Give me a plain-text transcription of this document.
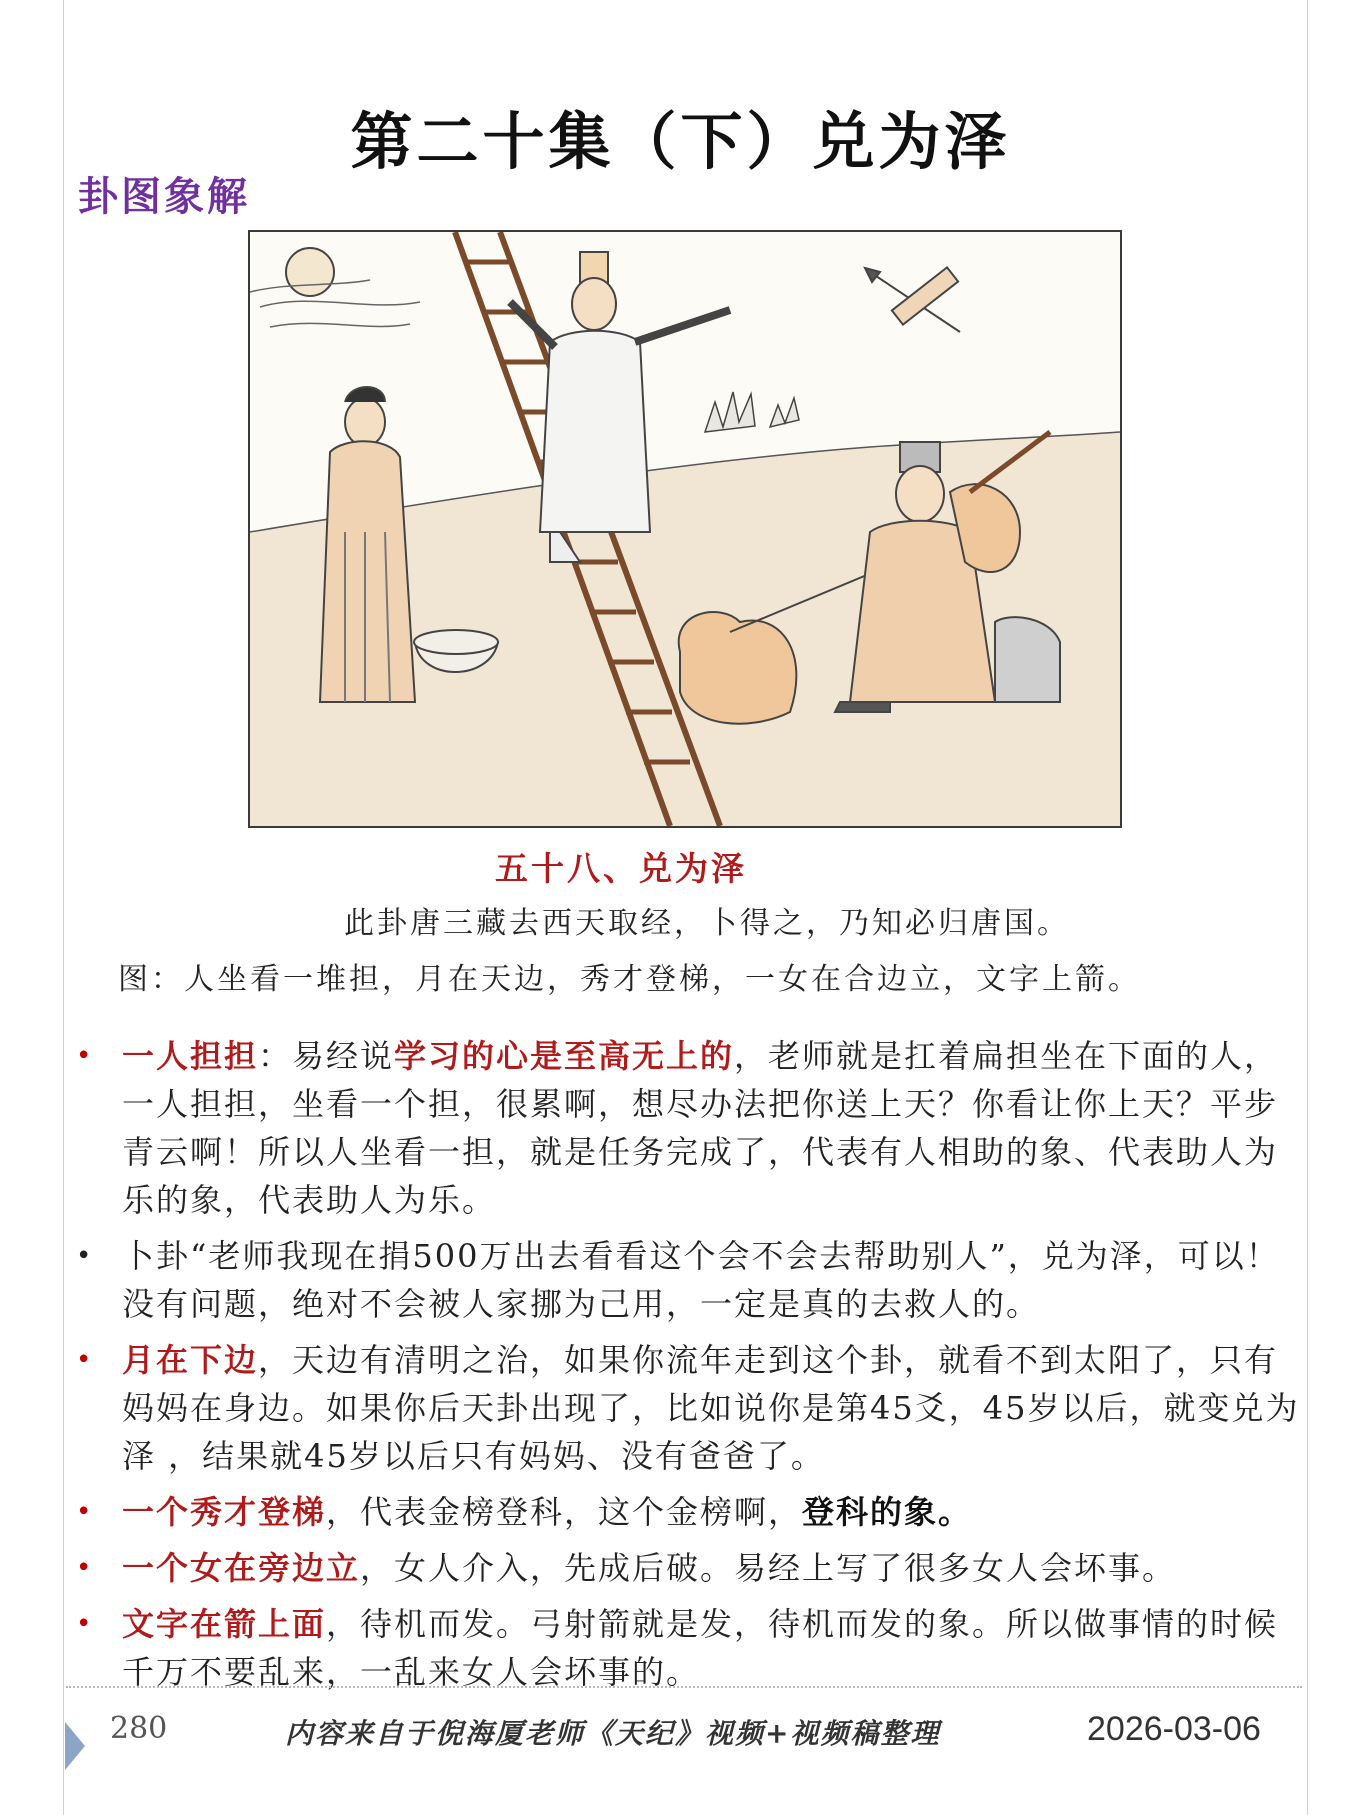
第二十集（下）兑为泽
卦图象解
五十八、兑为泽
此卦唐三藏去西天取经，卜得之，乃知必归唐国。
图：人坐看一堆担，月在天边，秀才登梯，一女在合边立，文字上箭。
• 一人担担：易经说学习的心是至高无上的，老师就是扛着扁担坐在下面的人，一人担担，坐看一个担，很累啊，想尽办法把你送上天？你看让你上天？平步青云啊！所以人坐看一担，就是任务完成了，代表有人相助的象、代表助人为乐的象，代表助人为乐。
• 卜卦“老师我现在捐500万出去看看这个会不会去帮助别人”，兑为泽，可以！没有问题，绝对不会被人家挪为己用，一定是真的去救人的。
• 月在下边，天边有清明之治，如果你流年走到这个卦，就看不到太阳了，只有妈妈在身边。如果你后天卦出现了，比如说你是第45爻，45岁以后，就变兑为泽 ，结果就45岁以后只有妈妈、没有爸爸了。
• 一个秀才登梯，代表金榜登科，这个金榜啊，登科的象。
• 一个女在旁边立，女人介入，先成后破。易经上写了很多女人会坏事。
• 文字在箭上面，待机而发。弓射箭就是发，待机而发的象。所以做事情的时候千万不要乱来，一乱来女人会坏事的。
280	内容来自于倪海厦老师《天纪》视频+视频稿整理	2026-03-06
